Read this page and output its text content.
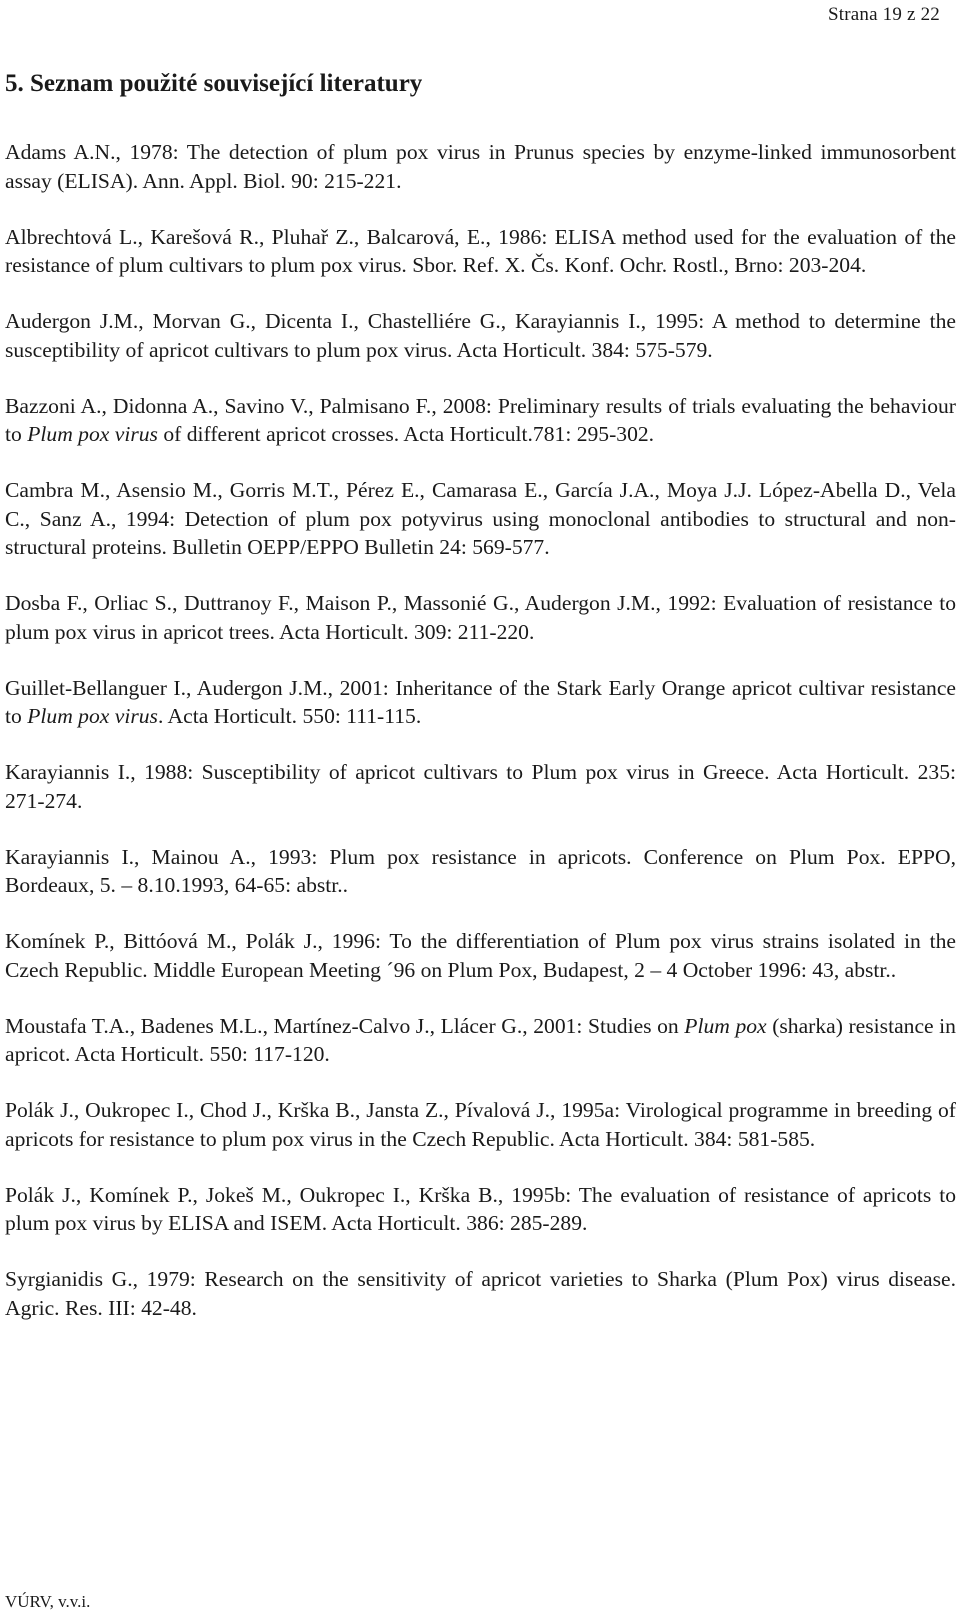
Strana 19 z 22
5. Seznam použité související literatury

Adams A.N., 1978: The detection of plum pox virus in Prunus species by enzyme-linked immunosorbent assay (ELISA). Ann. Appl. Biol. 90: 215-221.

Albrechtová L., Karešová R., Pluhař Z., Balcarová, E., 1986: ELISA method used for the evaluation of the resistance of plum cultivars to plum pox virus. Sbor. Ref. X. Čs. Konf. Ochr. Rostl., Brno: 203-204.

Audergon J.M., Morvan G., Dicenta I., Chastelliére G., Karayiannis I., 1995: A method to determine the susceptibility of apricot cultivars to plum pox virus. Acta Horticult. 384: 575-579.

Bazzoni A., Didonna A., Savino V., Palmisano F., 2008: Preliminary results of trials evaluating the behaviour to Plum pox virus of different apricot crosses. Acta Horticult.781: 295-302.

Cambra M., Asensio M., Gorris M.T., Pérez E., Camarasa E., García J.A., Moya J.J. López-Abella D., Vela C., Sanz A., 1994: Detection of plum pox potyvirus using monoclonal antibodies to structural and non-structural proteins. Bulletin OEPP/EPPO Bulletin 24: 569-577.

Dosba F., Orliac S., Duttranoy F., Maison P., Massonié G., Audergon J.M., 1992: Evaluation of resistance to plum pox virus in apricot trees. Acta Horticult. 309: 211-220.

Guillet-Bellanguer I., Audergon J.M., 2001: Inheritance of the Stark Early Orange apricot cultivar resistance to Plum pox virus. Acta Horticult. 550: 111-115.

Karayiannis I., 1988: Susceptibility of apricot cultivars to Plum pox virus in Greece. Acta Horticult. 235: 271-274.

Karayiannis I., Mainou A., 1993: Plum pox resistance in apricots. Conference on Plum Pox. EPPO, Bordeaux, 5. – 8.10.1993, 64-65: abstr..

Komínek P., Bittóová M., Polák J., 1996: To the differentiation of Plum pox virus strains isolated in the Czech Republic. Middle European Meeting ´96 on Plum Pox, Budapest, 2 – 4 October 1996: 43, abstr..

Moustafa T.A., Badenes M.L., Martínez-Calvo J., Llácer G., 2001: Studies on Plum pox (sharka) resistance in apricot. Acta Horticult. 550: 117-120.

Polák J., Oukropec I., Chod J., Krška B., Jansta Z., Pívalová J., 1995a: Virological programme in breeding of apricots for resistance to plum pox virus in the Czech Republic. Acta Horticult. 384: 581-585.

Polák J., Komínek P., Jokeš M., Oukropec I., Krška B., 1995b: The evaluation of resistance of apricots to plum pox virus by ELISA and ISEM. Acta Horticult. 386: 285-289.

Syrgianidis G., 1979: Research on the sensitivity of apricot varieties to Sharka (Plum Pox) virus disease. Agric. Res. III: 42-48.

VÚRV, v.v.i.
